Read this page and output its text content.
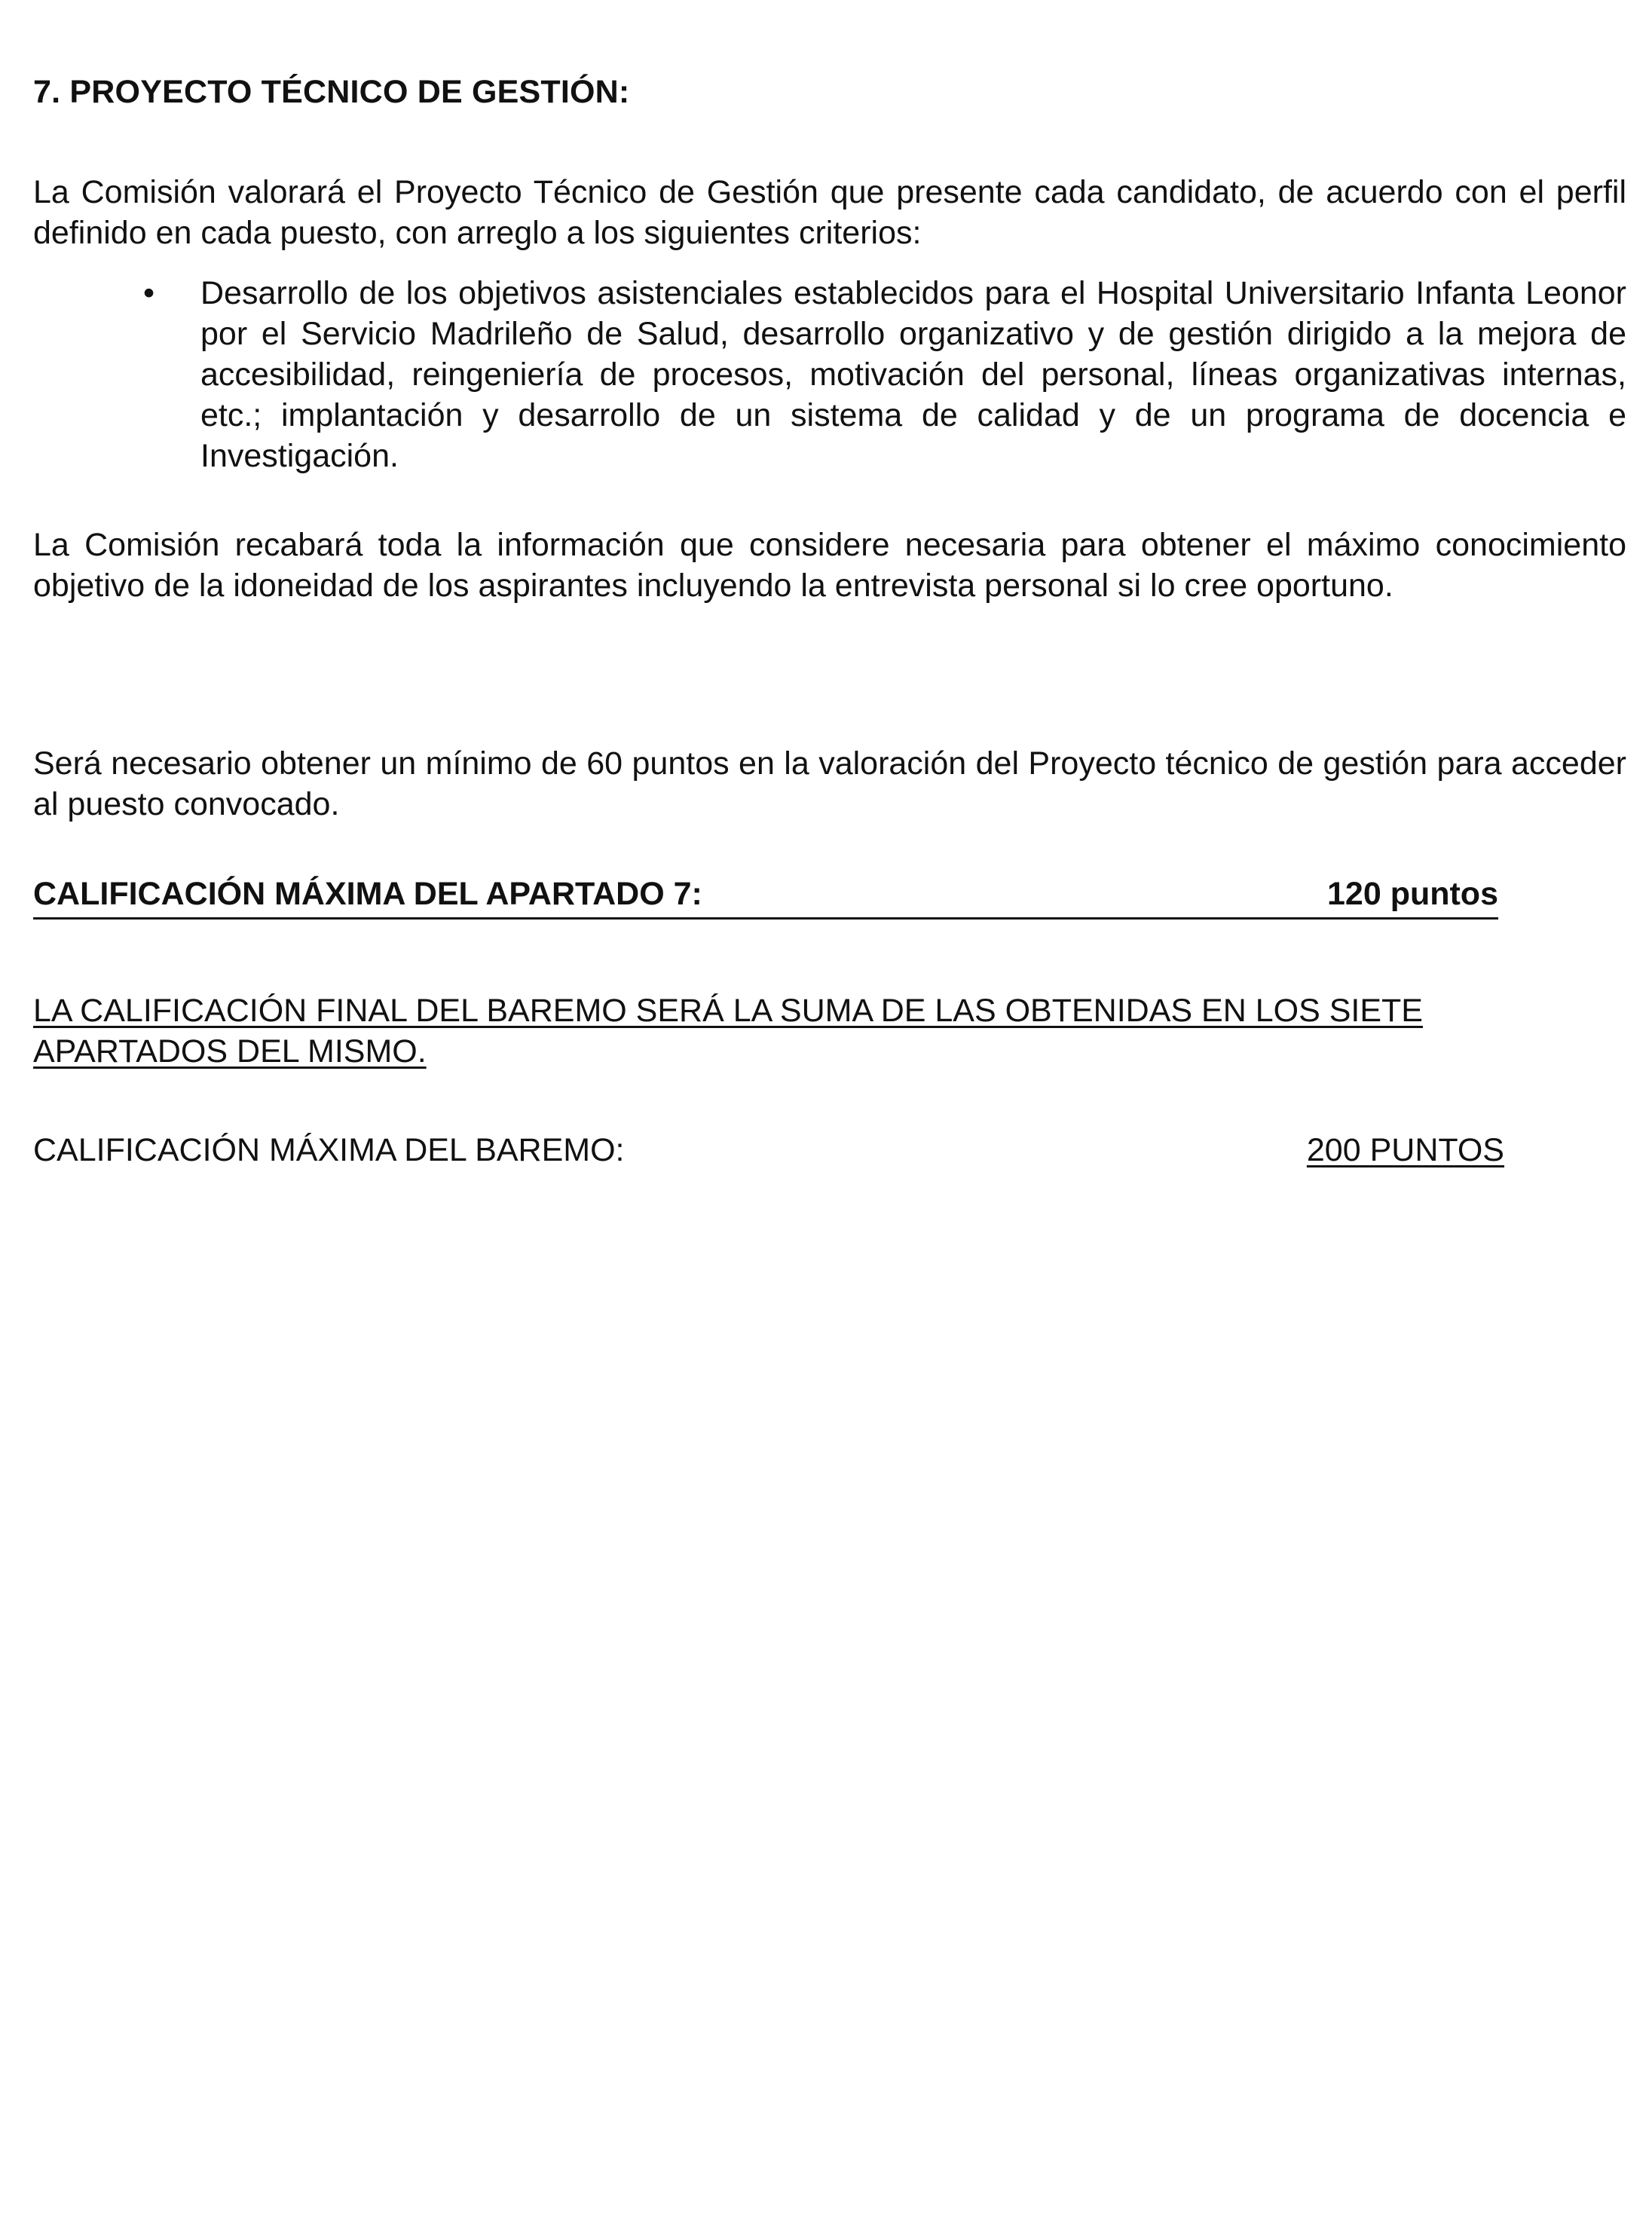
7. PROYECTO TÉCNICO DE GESTIÓN:

La Comisión valorará el Proyecto Técnico de Gestión que presente cada candidato, de acuerdo con el perfil definido en cada puesto, con arreglo a los siguientes criterios:

• Desarrollo de los objetivos asistenciales establecidos para el Hospital Universitario Infanta Leonor por el Servicio Madrileño de Salud, desarrollo organizativo y de gestión dirigido a la mejora de accesibilidad, reingeniería de procesos, motivación del personal, líneas organizativas internas, etc.; implantación y desarrollo de un sistema de calidad y de un programa de docencia e Investigación.

La Comisión recabará toda la información que considere necesaria para obtener el máximo conocimiento objetivo de la idoneidad de los aspirantes incluyendo la entrevista personal si lo cree oportuno.

Será necesario obtener un mínimo de 60 puntos en la valoración del Proyecto técnico de gestión para acceder al puesto convocado.

CALIFICACIÓN MÁXIMA DEL APARTADO 7:	120 puntos

LA CALIFICACIÓN FINAL DEL BAREMO SERÁ LA SUMA DE LAS OBTENIDAS EN LOS SIETE APARTADOS DEL MISMO.

CALIFICACIÓN MÁXIMA DEL BAREMO:	200 PUNTOS
